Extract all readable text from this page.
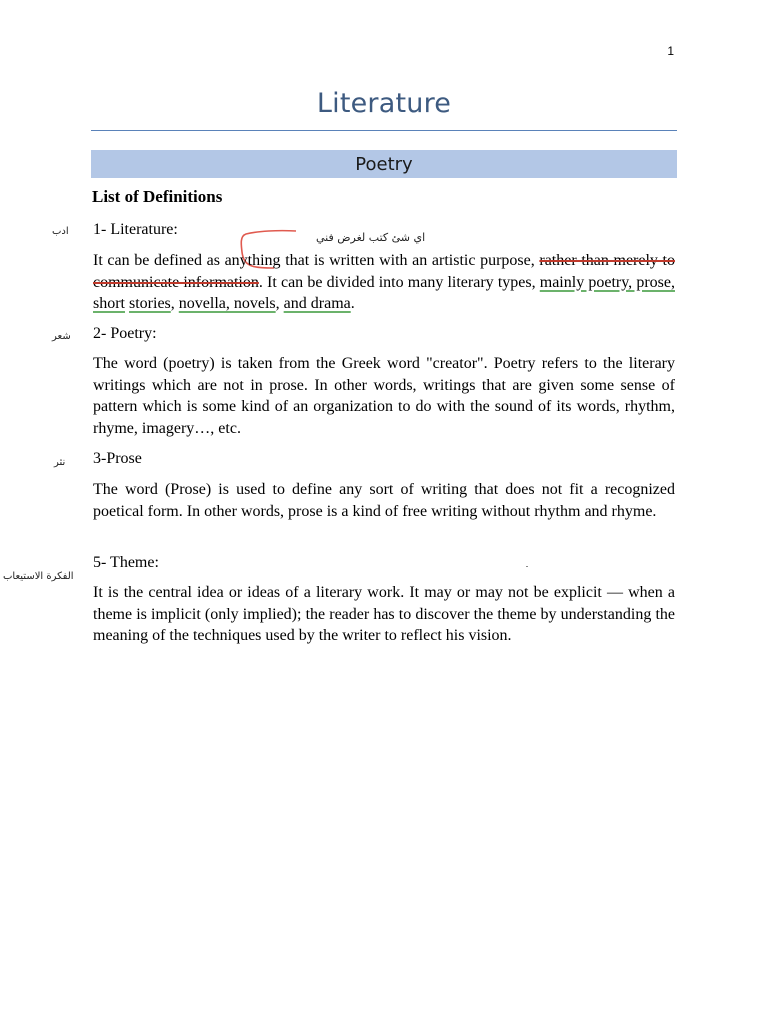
1
Literature
Poetry
List of Definitions
ادب 1- Literature:	اي شئ كتب لغرض فني
It can be defined as anything that is written with an artistic purpose, rather than merely to communicate information. It can be divided into many literary types, mainly poetry, prose, short stories, novella, novels, and drama.
شعر 2- Poetry:
The word (poetry) is taken from the Greek word "creator". Poetry refers to the literary writings which are not in prose. In other words, writings that are given some sense of pattern which is some kind of an organization to do with the sound of its words, rhythm, rhyme, imagery…, etc.
نثر 3-Prose
The word (Prose) is used to define any sort of writing that does not fit a recognized poetical form. In other words, prose is a kind of free writing without rhythm and rhyme.
الفكرة الاستيعاب
5- Theme:
It is the central idea or ideas of a literary work. It may or may not be explicit — when a theme is implicit (only implied); the reader has to discover the theme by understanding the meaning of the techniques used by the writer to reflect his vision.
